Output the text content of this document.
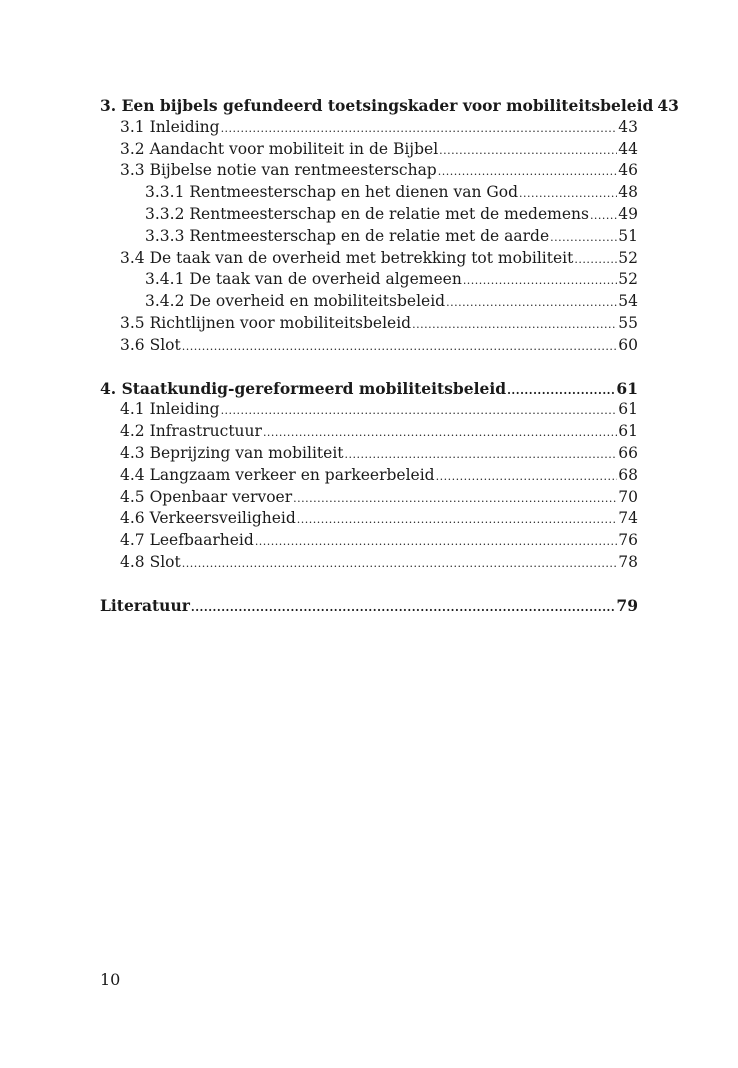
3. Een bijbels gefundeerd toetsingskader voor mobiliteitsbeleid 43
3.1 Inleiding .....	43
3.2 Aandacht voor mobiliteit in de Bijbel .....	44
3.3 Bijbelse notie van rentmeesterschap .....	46
3.3.1 Rentmeesterschap en het dienen van God .....	48
3.3.2 Rentmeesterschap en de relatie met de medemens ..... 49
3.3.3 Rentmeesterschap en de relatie met de aarde .....	51
3.4 De taak van de overheid met betrekking tot mobiliteit .....	52
3.4.1 De taak van de overheid algemeen .....	52
3.4.2 De overheid en mobiliteitsbeleid .....	54
3.5 Richtlijnen voor mobiliteitsbeleid .....	55
3.6 Slot .....	60
4. Staatkundig-gereformeerd mobiliteitsbeleid .....	61
4.1 Inleiding .....	61
4.2 Infrastructuur .....	61
4.3 Beprijzing van mobiliteit .....	66
4.4 Langzaam verkeer en parkeerbeleid .....	68
4.5 Openbaar vervoer .....	70
4.6 Verkeersveiligheid .....	74
4.7 Leefbaarheid .....	76
4.8 Slot .....	78
Literatuur .....	79
10
